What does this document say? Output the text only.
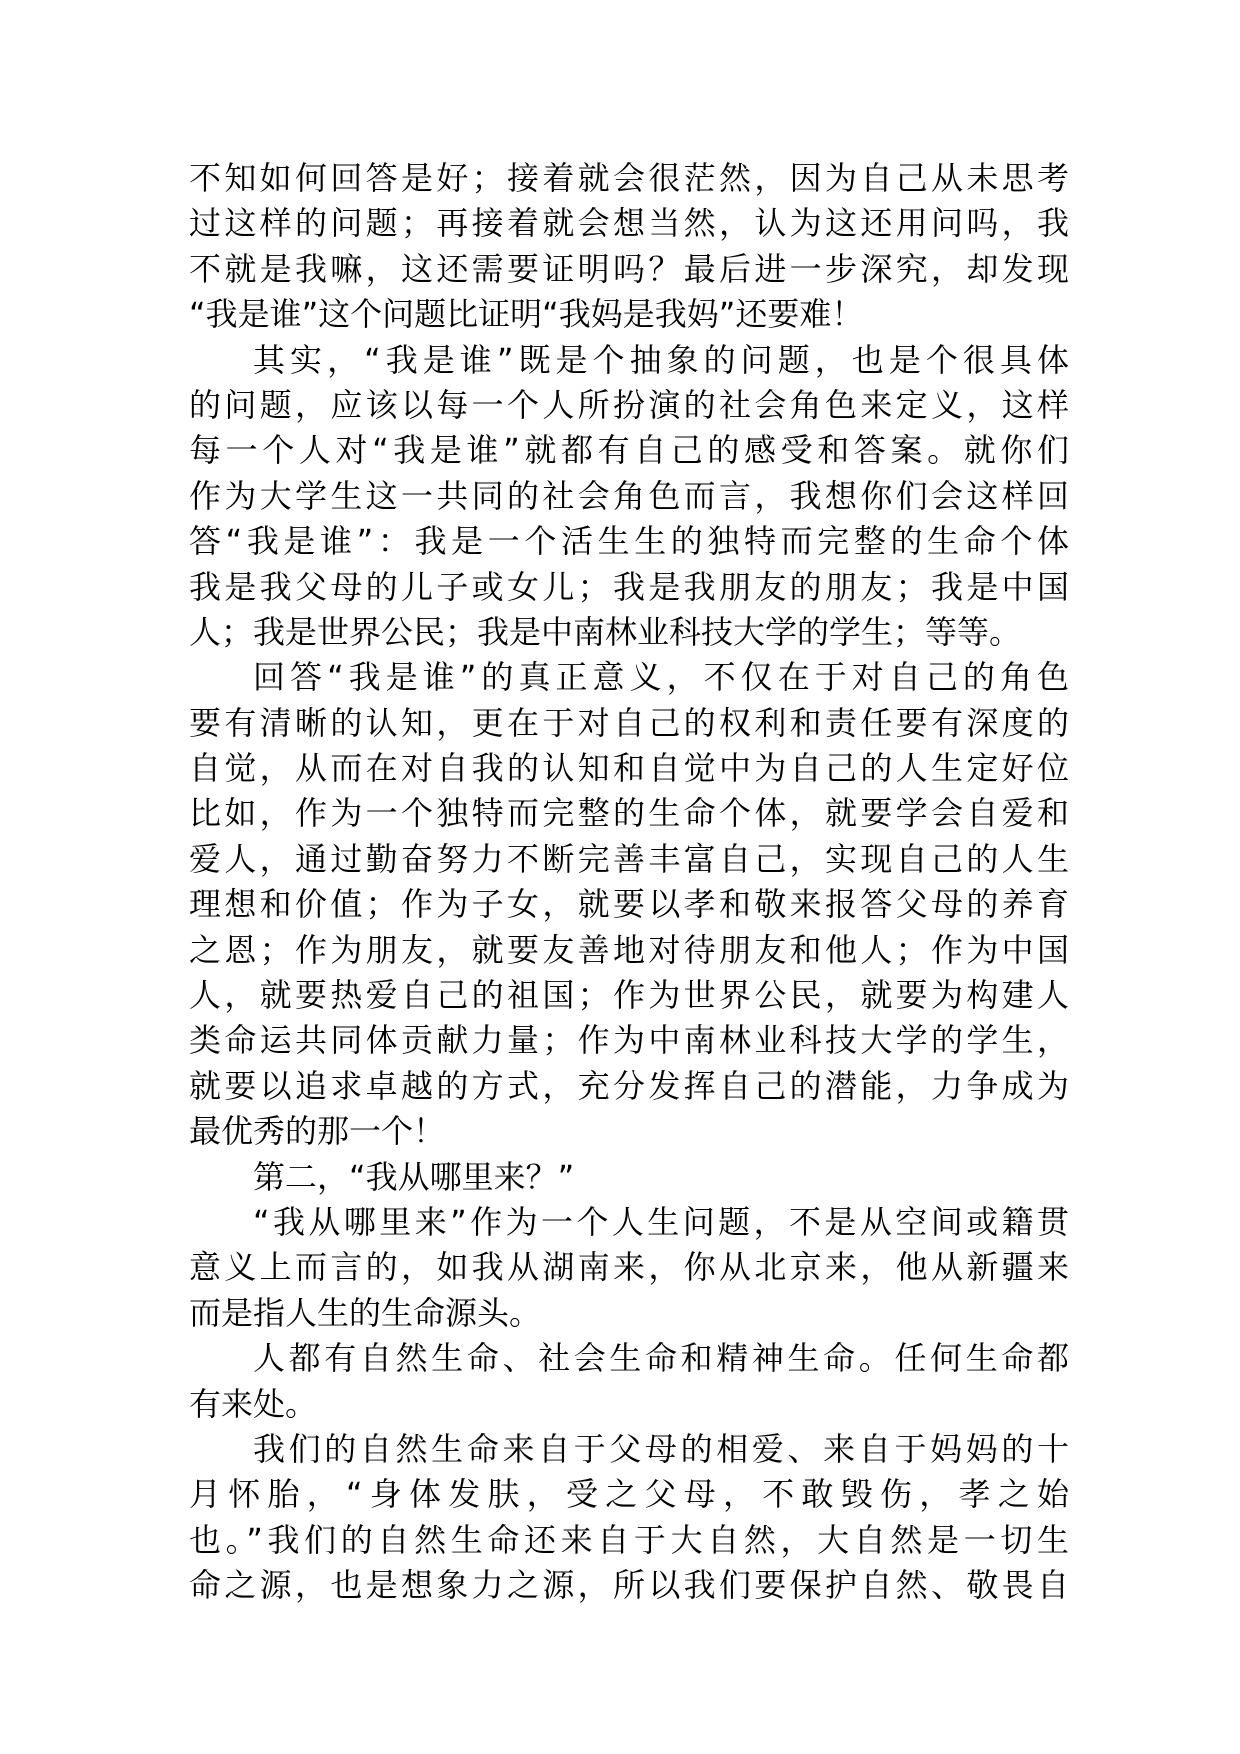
不知如何回答是好；接着就会很茫然，因为自己从未思考
过这样的问题；再接着就会想当然，认为这还用问吗，我
不就是我嘛，这还需要证明吗？最后进一步深究，却发现
“我是谁”这个问题比证明“我妈是我妈”还要难！
其实，“我是谁”既是个抽象的问题，也是个很具体
的问题，应该以每一个人所扮演的社会角色来定义，这样
每一个人对“我是谁”就都有自己的感受和答案。就你们
作为大学生这一共同的社会角色而言，我想你们会这样回
答“我是谁”：我是一个活生生的独特而完整的生命个体
我是我父母的儿子或女儿；我是我朋友的朋友；我是中国
人；我是世界公民；我是中南林业科技大学的学生；等等。
回答“我是谁”的真正意义，不仅在于对自己的角色
要有清晰的认知，更在于对自己的权利和责任要有深度的
自觉，从而在对自我的认知和自觉中为自己的人生定好位
比如，作为一个独特而完整的生命个体，就要学会自爱和
爱人，通过勤奋努力不断完善丰富自己，实现自己的人生
理想和价值；作为子女，就要以孝和敬来报答父母的养育
之恩；作为朋友，就要友善地对待朋友和他人；作为中国
人，就要热爱自己的祖国；作为世界公民，就要为构建人
类命运共同体贡献力量；作为中南林业科技大学的学生，
就要以追求卓越的方式，充分发挥自己的潜能，力争成为
最优秀的那一个！
第二，“我从哪里来？”
“我从哪里来”作为一个人生问题，不是从空间或籍贯
意义上而言的，如我从湖南来，你从北京来，他从新疆来
而是指人生的生命源头。
人都有自然生命、社会生命和精神生命。任何生命都
有来处。
我们的自然生命来自于父母的相爱、来自于妈妈的十
月怀胎，“身体发肤，受之父母，不敢毁伤，孝之始
也。”我们的自然生命还来自于大自然，大自然是一切生
命之源，也是想象力之源，所以我们要保护自然、敬畏自
